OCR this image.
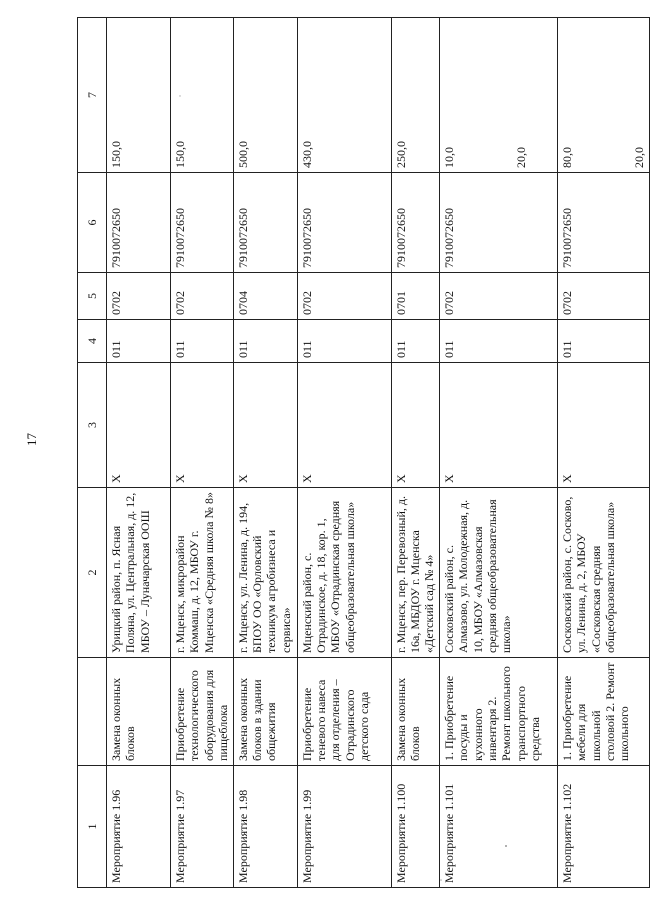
17
1		2	3	4	5	6	7
Мероприятие 1.96	Замена оконных блоков	Урицкий район, п. Ясная Поляна, ул. Центральная, д. 12, МБОУ – Луначарская ООШ	Х	011	0702	7910072650	150,0

Мероприятие 1.97	Приобретение технологического оборудования для пищеблока	г. Мценск, микрорайон Коммаш, д. 12, МБОУ г. Мценска «Средняя школа № 8»	Х	011	0702	7910072650	150,0

Мероприятие 1.98	Замена оконных блоков в здании общежития	г. Мценск, ул. Ленина, д. 194, БПОУ ОО «Орловский техникум агробизнеса и сервиса»	Х	011	0704	7910072650	500,0

Мероприятие 1.99	Приобретение теневого навеса для отделения – Отрадинского детского сада	Мценский район, с. Отрадинское, д. 18, кор. 1, МБОУ «Отрадинская средняя общеобразовательная школа»	Х	011	0702	7910072650	430,0

Мероприятие 1.100	Замена оконных блоков	г. Мценск, пер. Перевозный, д. 16а, МБДОУ г. Мценска «Детский сад № 4»	Х	011	0701	7910072650	250,0

Мероприятие 1.101	1. Приобретение посуды и кухонного инвентаря 2. Ремонт школьного транспортного средства	Сосковский район, с. Алмазово, ул. Молодежная, д. 10, МБОУ «Алмазовская средняя общеобразовательная школа»	Х	011	0702	7910072650	10,0 20,0

Мероприятие 1.102	1. Приобретение мебели для школьной столовой 2. Ремонт школьного	Сосковский район, с. Сосково, ул. Ленина, д. 2, МБОУ «Сосковская средняя общеобразовательная школа»	Х	011	0702	7910072650	80,0 20,0
